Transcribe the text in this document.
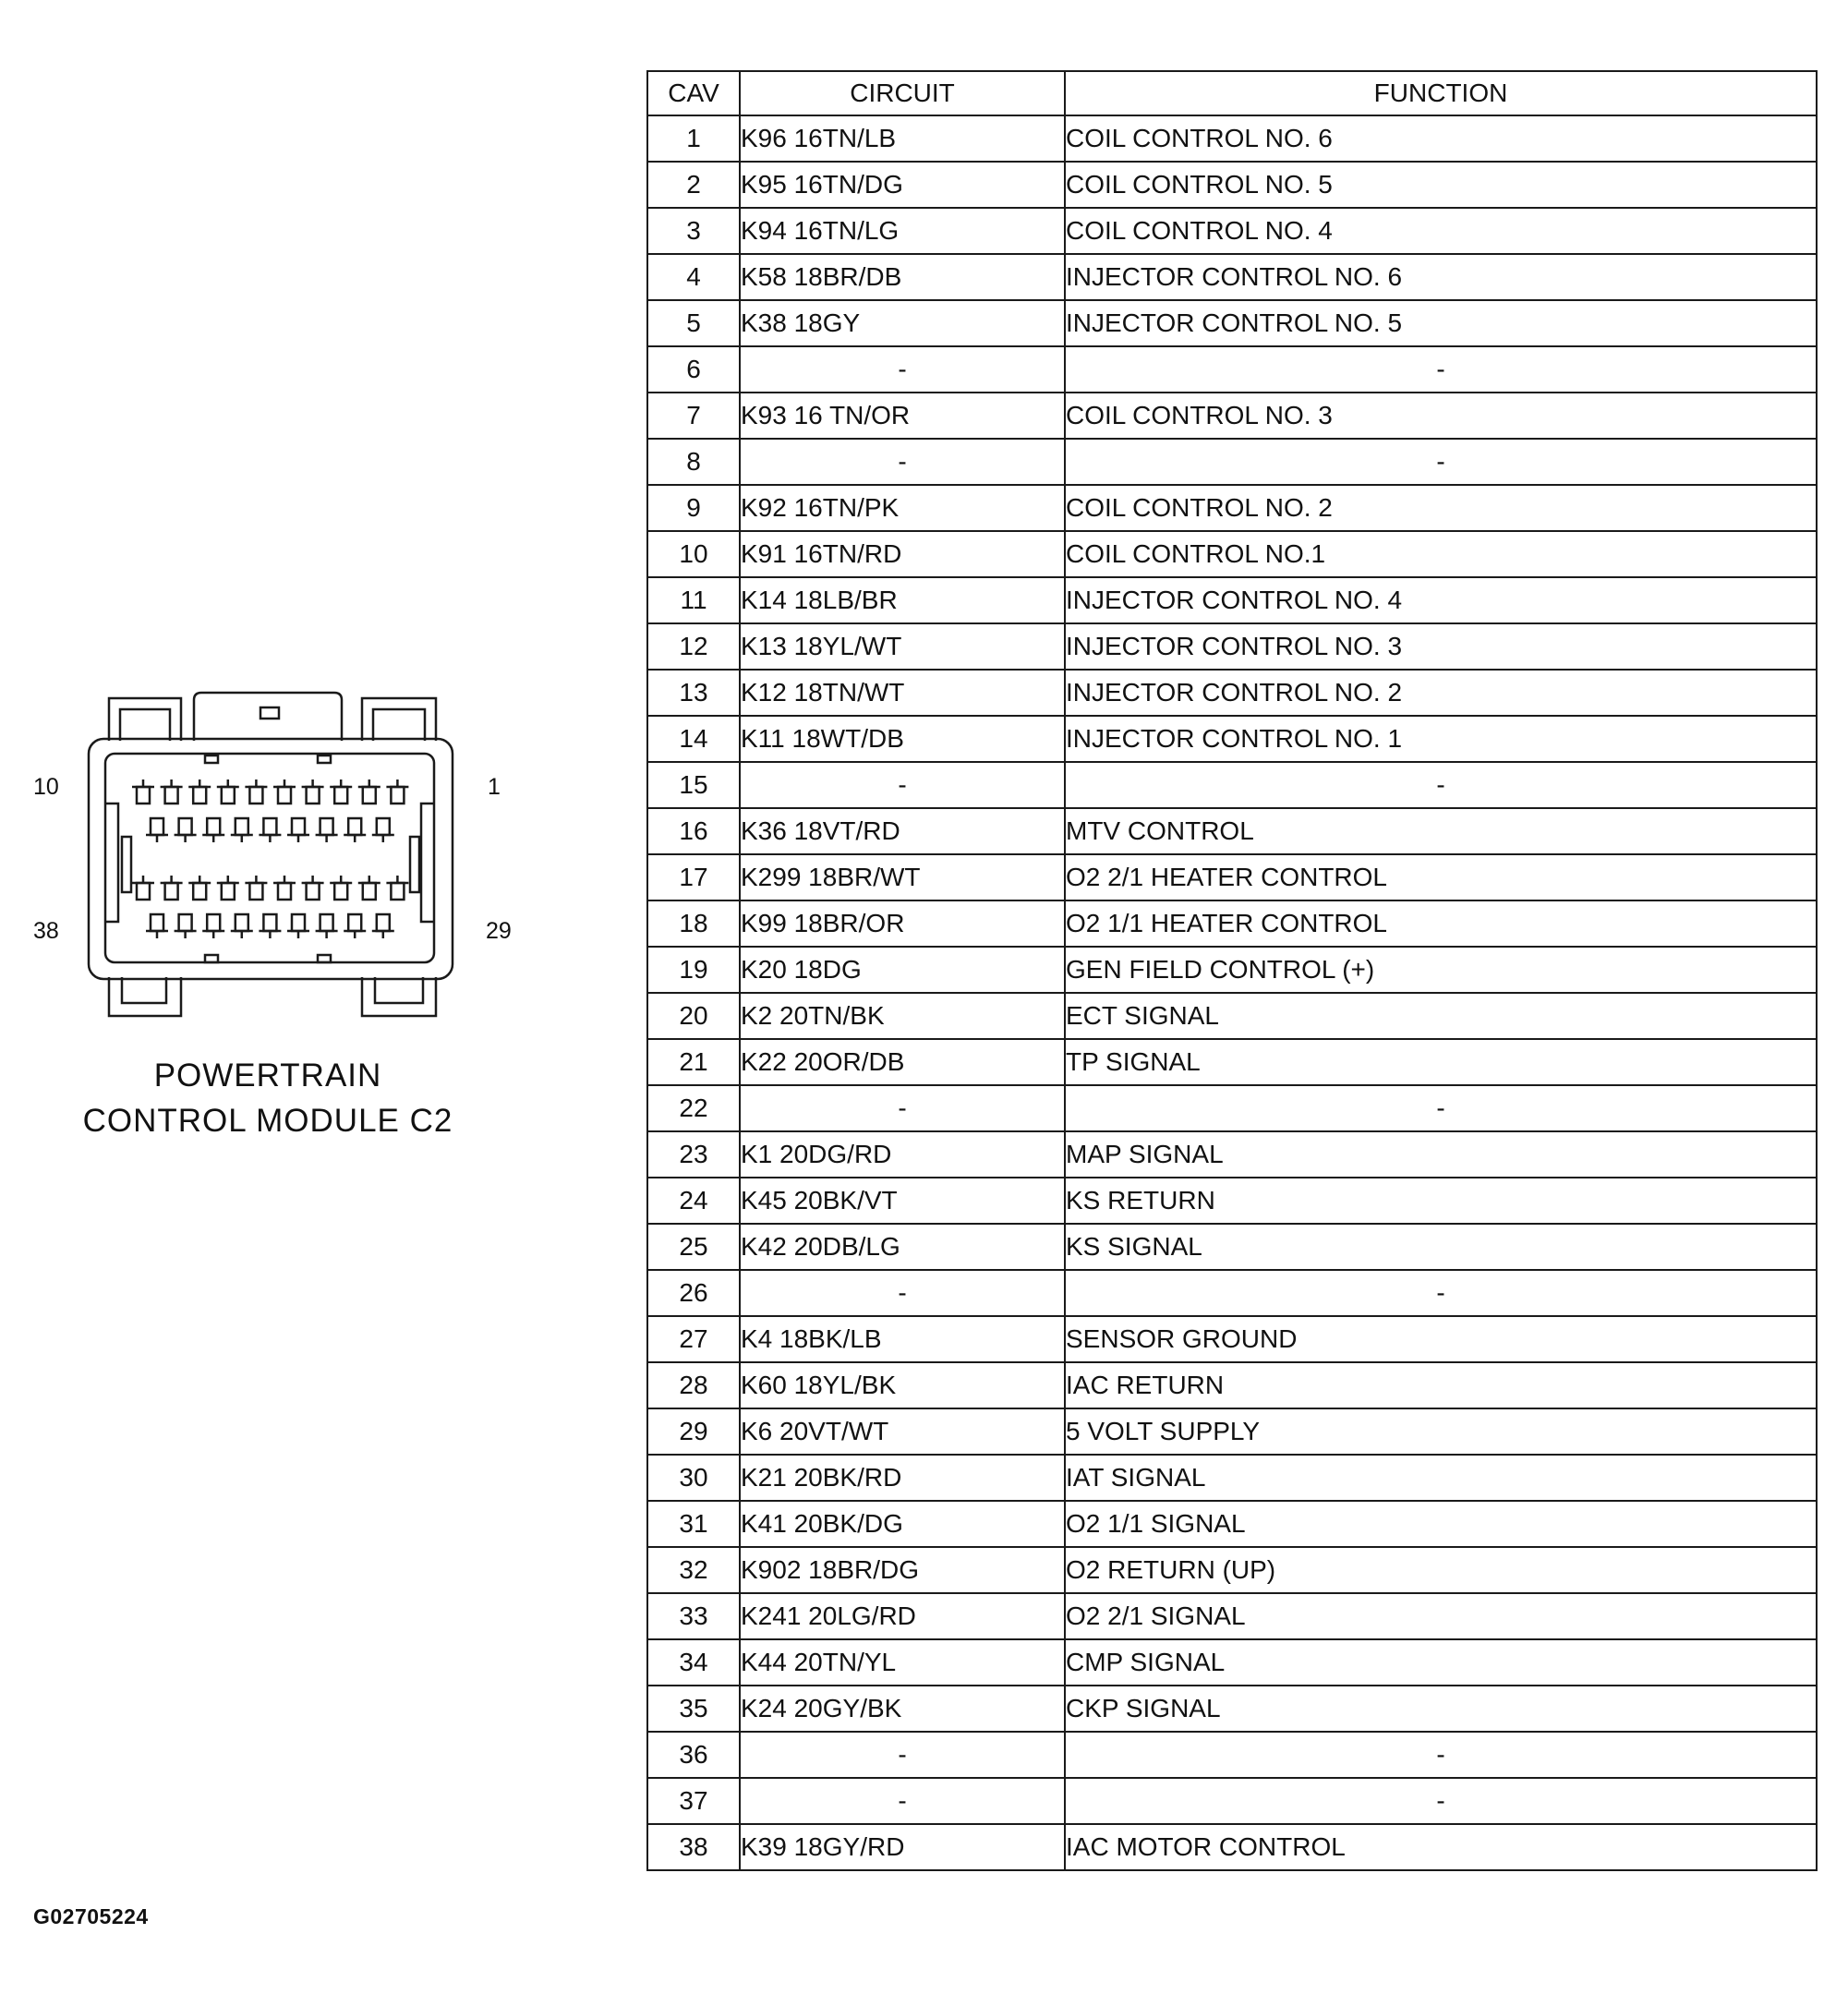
10	1
38	29
POWERTRAIN
CONTROL MODULE C2
G02705224
CAV	CIRCUIT	FUNCTION
1	K96 16TN/LB	COIL CONTROL NO. 6
2	K95 16TN/DG	COIL CONTROL NO. 5
3	K94 16TN/LG	COIL CONTROL NO. 4
4	K58 18BR/DB	INJECTOR CONTROL NO. 6
5	K38 18GY	INJECTOR CONTROL NO. 5
6	-	-
7	K93 16 TN/OR	COIL CONTROL NO. 3
8	-	-
9	K92 16TN/PK	COIL CONTROL NO. 2
10	K91 16TN/RD	COIL CONTROL NO.1
11	K14 18LB/BR	INJECTOR CONTROL NO. 4
12	K13 18YL/WT	INJECTOR CONTROL NO. 3
13	K12 18TN/WT	INJECTOR CONTROL NO. 2
14	K11 18WT/DB	INJECTOR CONTROL NO. 1
15	-	-
16	K36 18VT/RD	MTV CONTROL
17	K299 18BR/WT	O2 2/1 HEATER CONTROL
18	K99 18BR/OR	O2 1/1 HEATER CONTROL
19	K20 18DG	GEN FIELD CONTROL (+)
20	K2 20TN/BK	ECT SIGNAL
21	K22 20OR/DB	TP SIGNAL
22	-	-
23	K1 20DG/RD	MAP SIGNAL
24	K45 20BK/VT	KS RETURN
25	K42 20DB/LG	KS SIGNAL
26	-	-
27	K4 18BK/LB	SENSOR GROUND
28	K60 18YL/BK	IAC RETURN
29	K6 20VT/WT	5 VOLT SUPPLY
30	K21 20BK/RD	IAT SIGNAL
31	K41 20BK/DG	O2 1/1 SIGNAL
32	K902 18BR/DG	O2 RETURN (UP)
33	K241 20LG/RD	O2 2/1 SIGNAL
34	K44 20TN/YL	CMP SIGNAL
35	K24 20GY/BK	CKP SIGNAL
36	-	-
37	-	-
38	K39 18GY/RD	IAC MOTOR CONTROL
